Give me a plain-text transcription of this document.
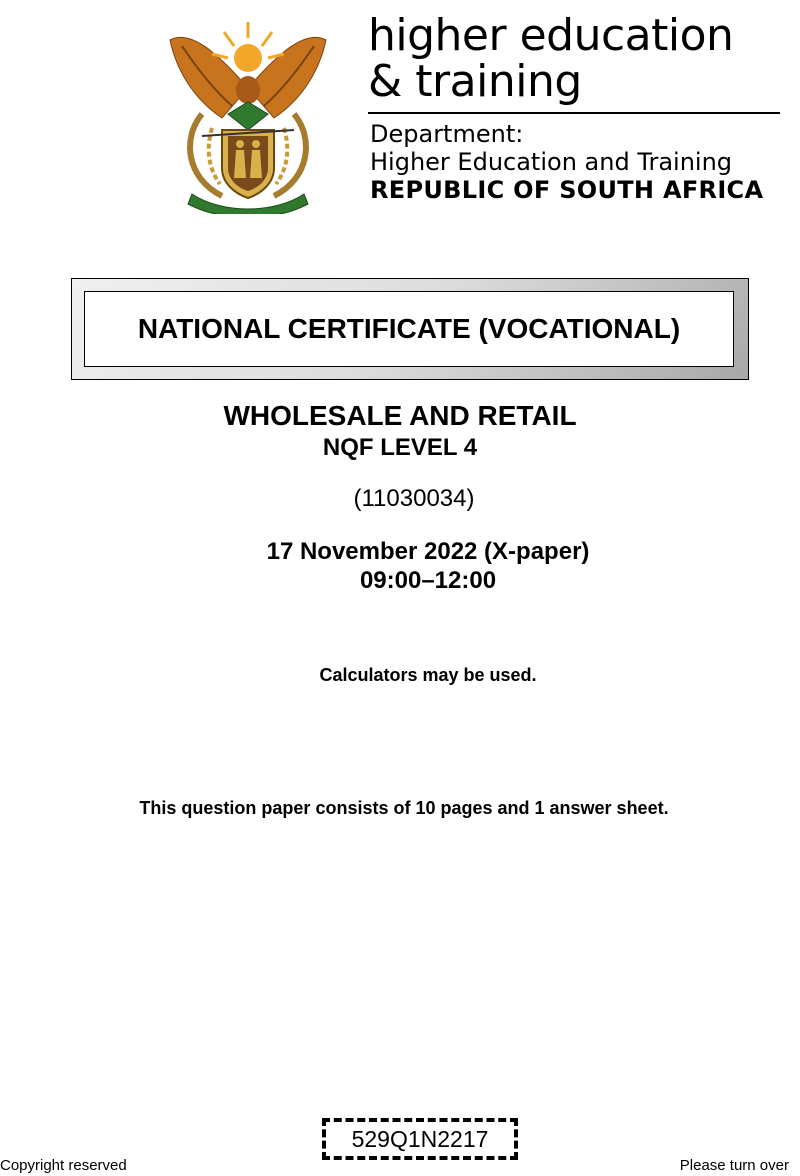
higher education
& training
Department:
Higher Education and Training
REPUBLIC OF SOUTH AFRICA
NATIONAL CERTIFICATE (VOCATIONAL)
WHOLESALE AND RETAIL
NQF LEVEL 4
(11030034)
17 November 2022 (X-paper)
09:00–12:00
Calculators may be used.
This question paper consists of 10 pages and 1 answer sheet.
529Q1N2217
Copyright reserved	Please turn over
